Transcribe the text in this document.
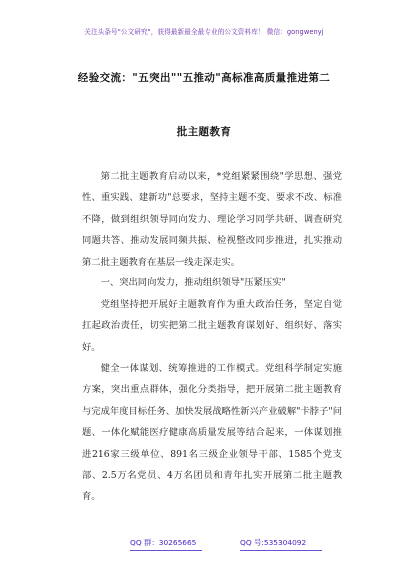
关注头条号"公文研究"，获得最新最全最专业的公文资料库！ 微信：gongwenyj
经验交流："五突出""五推动"高标准高质量推进第二
批主题教育

第二批主题教育启动以来，*党组紧紧围绕"学思想、强党性、重实践、建新功"总要求，坚持主题不变、要求不改、标准不降，做到组织领导同向发力、理论学习同学共研、调查研究同题共答、推动发展同频共振、检视整改同步推进，扎实推动第二批主题教育在基层一线走深走实。

一、突出同向发力，推动组织领导"压紧压实"

党组坚持把开展好主题教育作为重大政治任务，坚定自觉扛起政治责任，切实把第二批主题教育谋划好、组织好、落实好。

健全一体谋划、统筹推进的工作模式。党组科学制定实施方案，突出重点群体，强化分类指导，把开展第二批主题教育与完成年度目标任务、加快发展战略性新兴产业破解"卡脖子"问题、一体化赋能医疗健康高质量发展等结合起来，一体谋划推进216家三级单位、891名三级企业领导干部、1585个党支部、2.5万名党员、4万名团员和青年扎实开展第二批主题教育。

QQ 群：30265665	QQ 号:535304092
